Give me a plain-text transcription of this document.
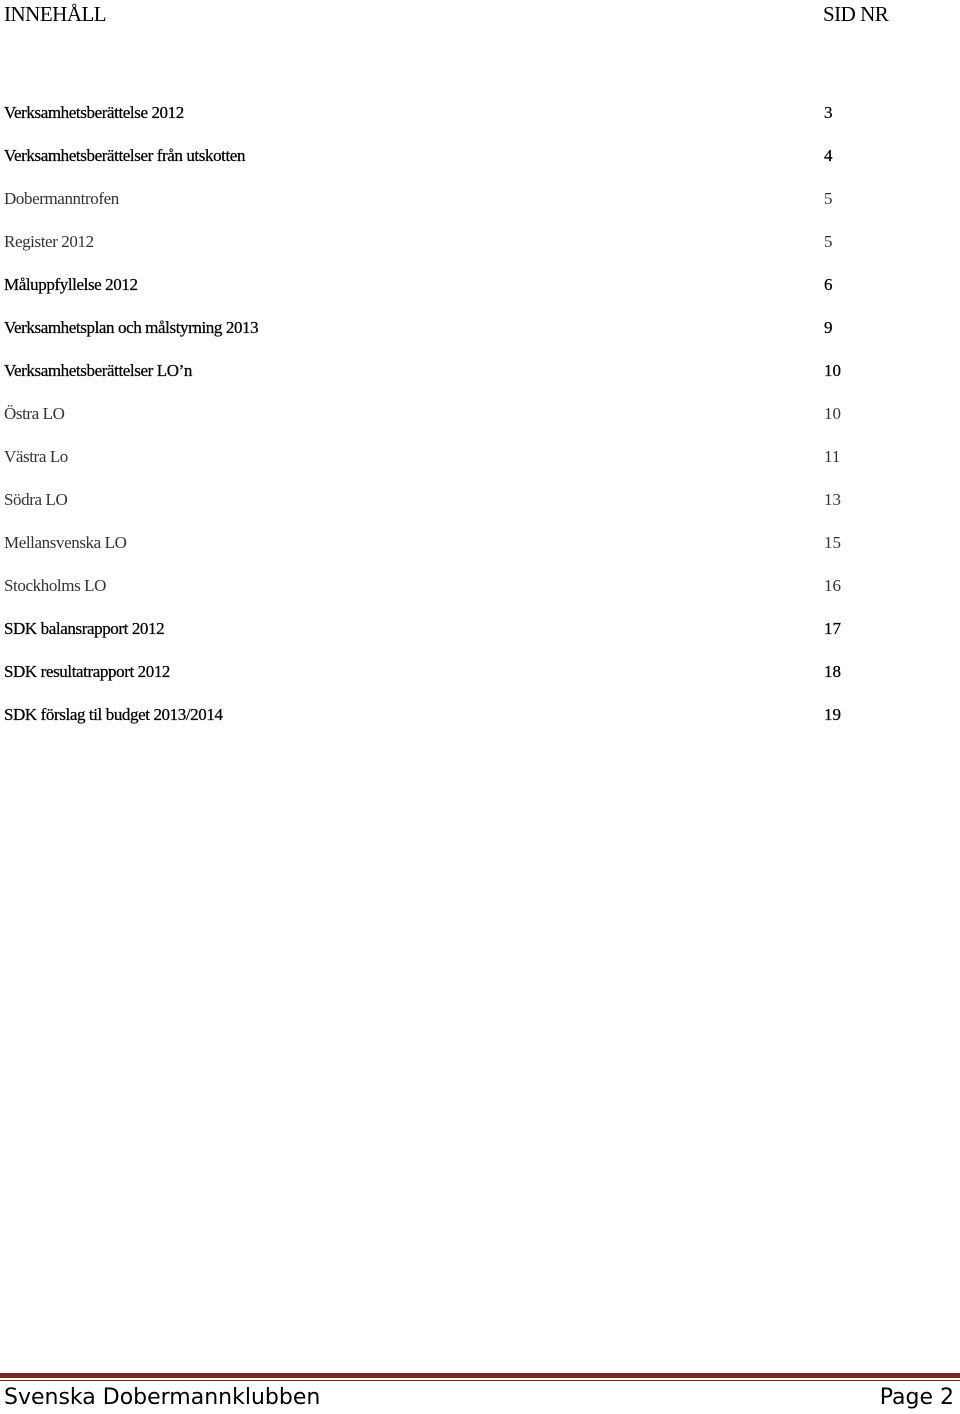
INNEHÅLL	SID NR
Verksamhetsberättelse 2012	3
Verksamhetsberättelser från utskotten	4
Dobermanntrofen	5
Register 2012	5
Måluppfyllelse 2012	6
Verksamhetsplan och målstyrning 2013	9
Verksamhetsberättelser LO’n	10
Östra LO	10
Västra Lo	11
Södra LO	13
Mellansvenska LO	15
Stockholms LO	16
SDK balansrapport 2012	17
SDK resultatrapport 2012	18
SDK förslag til budget 2013/2014	19
Svenska Dobermannklubben	Page 2
